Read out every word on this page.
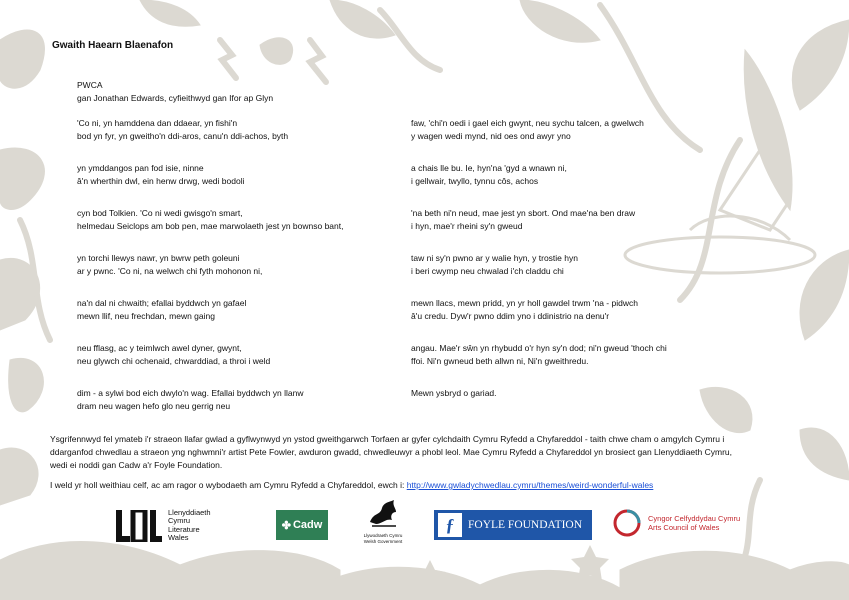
Gwaith Haearn Blaenafon
PWCA
gan Jonathan Edwards, cyfieithwyd gan Ifor ap Glyn
'Co ni, yn hamddena dan ddaear, yn fishi'n
bod yn fyr, yn gweitho'n ddi-aros, canu'n ddi-achos, byth
yn ymddangos pan fod isie, ninne
â'n wherthin dwl, ein henw drwg, wedi bodoli
cyn bod Tolkien. 'Co ni wedi gwisgo'n smart,
helmedau Seiclops am bob pen, mae marwolaeth jest yn bownso bant,
yn torchi llewys nawr, yn bwrw peth goleuni
ar y pwnc. 'Co ni, na welwch chi fyth mohonon ni,
na'n dal ni chwaith; efallai byddwch yn gafael
mewn llif, neu frechdan, mewn gaing
neu fflasg, ac y teimlwch awel dyner, gwynt,
neu glywch chi ochenaid, chwarddiad, a throi i weld
dim - a sylwi bod eich dwylo'n wag. Efallai byddwch yn llanw
dram neu wagen hefo glo neu gerrig neu
faw, 'chi'n oedi i gael eich gwynt, neu sychu talcen, a gwelwch
y wagen wedi mynd, nid oes ond awyr yno
a chais lle bu. Ie, hyn'na 'gyd a wnawn ni,
i gellwair, twyllo, tynnu côs, achos
'na beth ni'n neud, mae jest yn sbort. Ond mae'na ben draw
i hyn, mae'r rheini sy'n gweud
taw ni sy'n pwno ar y walie hyn, y trostie hyn
i beri cwymp neu chwalad i'ch claddu chi
mewn llacs, mewn pridd, yn yr holl gawdel trwm 'na - pidwch
â'u credu. Dyw'r pwno ddim yno i ddinistrio na denu'r
angau. Mae'r sŵn yn rhybudd o'r hyn sy'n dod; ni'n gweud 'thoch chi
ffoi. Ni'n gwneud beth allwn ni, Ni'n gweithredu.
Mewn ysbryd o gariad.
Ysgrifennwyd fel ymateb i'r straeon llafar gwlad a gyflwynwyd yn ystod gweithgarwch Torfaen ar gyfer cylchdaith Cymru Ryfedd a Chyfareddol - taith chwe cham o amgylch Cymru i
ddarganfod chwedlau a straeon yng nghwmni'r artist Pete Fowler, awduron gwadd, chwedleuwyr a phobl leol. Mae Cymru Ryfedd a Chyfareddol yn brosiect gan Llenyddiaeth Cymru,
wedi ei noddi gan Cadw a'r Foyle Foundation.
I weld yr holl weithiau celf, ac am ragor o wybodaeth am Cymru Ryfedd a Chyfareddol, ewch i: http://www.gwladychwedlau.cymru/themes/weird-wonderful-wales
Llenyddiaeth
Cymru
Literature
Wales
✤ Cadw
Llywodraeth Cymru
Welsh Government
ƒ	FOYLE FOUNDATION
Cyngor Celfyddydau Cymru
Arts Council of Wales
